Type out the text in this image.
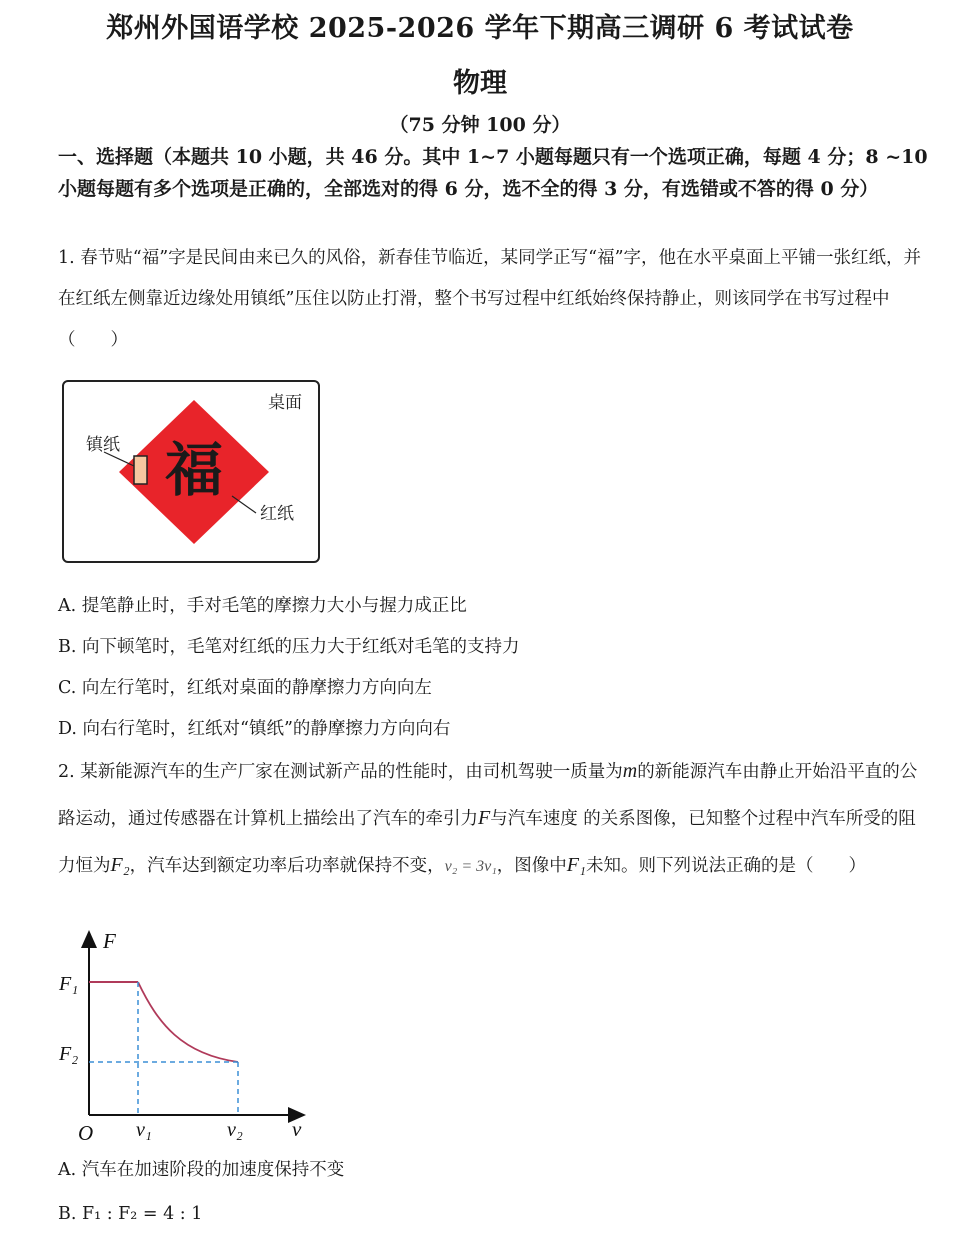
郑州外国语学校 2025-2026 学年下期高三调研 6 考试试卷
物理
（75 分钟 100 分）
一、选择题（本题共 10 小题，共 46 分。其中 1~7 小题每题只有一个选项正确，每题 4 分；8 ~10 小题每题有多个选项是正确的，全部选对的得 6 分，选不全的得 3 分，有选错或不答的得 0 分）
1. 春节贴“福”字是民间由来已久的风俗，新春佳节临近，某同学正写“福”字，他在水平桌面上平铺一张红纸，并在红纸左侧靠近边缘处用镇纸”压住以防止打滑，整个书写过程中红纸始终保持静止，则该同学在书写过程中（　　）
福
桌面
镇纸
红纸
A. 提笔静止时，手对毛笔的摩擦力大小与握力成正比
B. 向下顿笔时，毛笔对红纸的压力大于红纸对毛笔的支持力
C. 向左行笔时，红纸对桌面的静摩擦力方向向左
D. 向右行笔时，红纸对“镇纸”的静摩擦力方向向右
2. 某新能源汽车的生产厂家在测试新产品的性能时，由司机驾驶一质量为m的新能源汽车由静止开始沿平直的公路运动，通过传感器在计算机上描绘出了汽车的牵引力F与汽车速度 的关系图像，已知整个过程中汽车所受的阻力恒为F₂，汽车达到额定功率后功率就保持不变，v₂ = 3v₁，图像中F₁未知。则下列说法正确的是（　　）
F
v
O
F₁
F₂
v₁	v₂
A. 汽车在加速阶段的加速度保持不变
B. F₁ : F₂ = 4 : 1
